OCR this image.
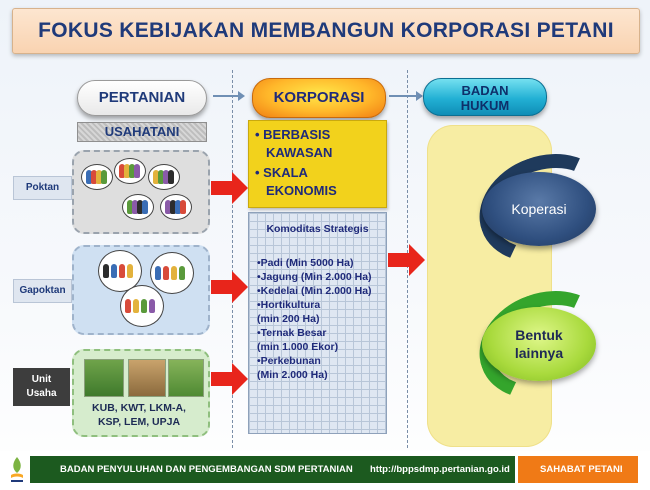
FOKUS KEBIJAKAN MEMBANGUN KORPORASI PETANI
PERTANIAN	KORPORASI	BADAN
HUKUM
USAHATANI
Poktan
Gapoktan
Unit
Usaha
KUB, KWT, LKM-A,
KSP, LEM, UPJA
• BERBASIS
KAWASAN
• SKALA
EKONOMIS
Komoditas Strategis
•Padi (Min 5000 Ha)
•Jagung (Min 2.000 Ha)
•Kedelai (Min 2.000 Ha)
•Hortikultura
(min 200 Ha)
•Ternak Besar
(min 1.000 Ekor)
•Perkebunan
(Min 2.000 Ha)
Koperasi
Bentuk
lainnya
BADAN PENYULUHAN DAN PENGEMBANGAN SDM PERTANIAN http://bppsdmp.pertanian.go.id	SAHABAT PETANI
